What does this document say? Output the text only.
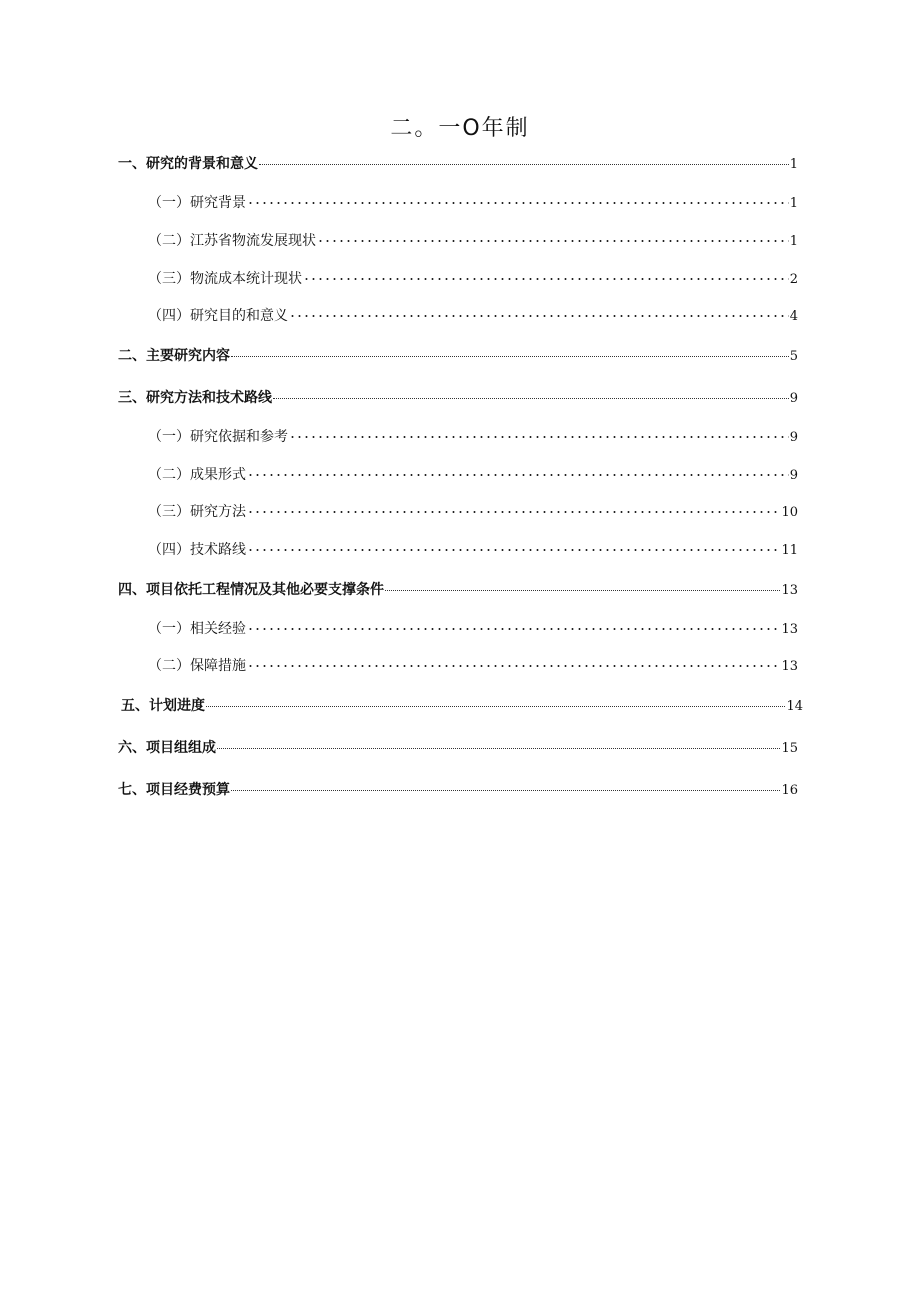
二。一O年制
一、研究的背景和意义	1
（一）研究背景	1
（二）江苏省物流发展现状	1
（三）物流成本统计现状	2
（四）研究目的和意义	4
二、主要研究内容	5
三、研究方法和技术路线	9
（一）研究依据和参考	9
（二）成果形式	9
（三）研究方法	10
（四）技术路线	11
四、项目依托工程情况及其他必要支撑条件	13
（一）相关经验	13
（二）保障措施	13
五、计划进度	14
六、项目组组成	15
七、项目经费预算	16
